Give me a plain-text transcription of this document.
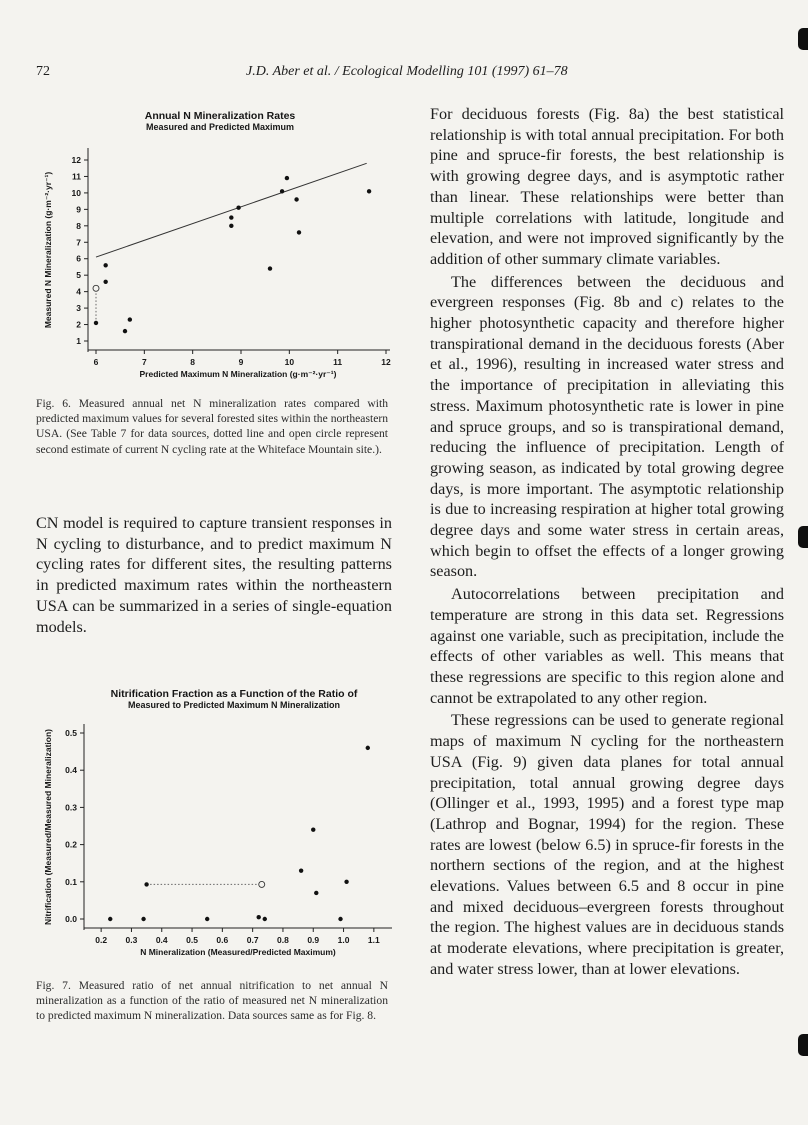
72	J.D. Aber et al. / Ecological Modelling 101 (1997) 61–78
Annual N Mineralization Rates
Measured and Predicted Maximum
1
2
3
4
5
6
7
8
9
10
11
12
6	7	8	9	10	11	12
Predicted Maximum N Mineralization (g·m⁻²·yr⁻¹)
Measured N Mineralization (g·m⁻²·yr⁻¹)
Fig. 6. Measured annual net N mineralization rates compared with predicted maximum values for several forested sites within the northeastern USA. (See Table 7 for data sources, dotted line and open circle represent second estimate of current N cycling rate at the Whiteface Mountain site.).
CN model is required to capture transient responses in N cycling to disturbance, and to predict maximum N cycling rates for different sites, the resulting patterns in predicted maximum rates within the northeastern USA can be summarized in a series of single-equation models.
Nitrification Fraction as a Function of the Ratio of
Measured to Predicted Maximum N Mineralization
0.0
0.1
0.2
0.3
0.4
0.5
0.2 0.3 0.4 0.5 0.6 0.7 0.8 0.9 1.0 1.1
N Mineralization (Measured/Predicted Maximum)
Nitrification (Measured/Measured Mineralization)
Fig. 7. Measured ratio of net annual nitrification to net annual N mineralization as a function of the ratio of measured net N mineralization to predicted maximum N mineralization. Data sources same as for Fig. 8.

For deciduous forests (Fig. 8a) the best statistical relationship is with total annual precipitation. For both pine and spruce-fir forests, the best relationship is with growing degree days, and is asymptotic rather than linear. These relationships were better than multiple correlations with latitude, longitude and elevation, and were not improved significantly by the addition of other summary climate variables.

The differences between the deciduous and evergreen responses (Fig. 8b and c) relates to the higher photosynthetic capacity and therefore higher transpirational demand in the deciduous forests (Aber et al., 1996), resulting in increased water stress and the importance of precipitation in alleviating this stress. Maximum photosynthetic rate is lower in pine and spruce groups, and so is transpirational demand, reducing the influence of precipitation. Length of growing season, as indicated by total growing degree days, is more important. The asymptotic relationship is due to increasing respiration at higher total growing degree days and some water stress in certain areas, which begin to offset the effects of a longer growing season.

Autocorrelations between precipitation and temperature are strong in this data set. Regressions against one variable, such as precipitation, include the effects of other variables as well. This means that these regressions are specific to this region alone and cannot be extrapolated to any other region.

These regressions can be used to generate regional maps of maximum N cycling for the northeastern USA (Fig. 9) given data planes for total annual precipitation, total annual growing degree days (Ollinger et al., 1993, 1995) and a forest type map (Lathrop and Bognar, 1994) for the region. These rates are lowest (below 6.5) in spruce-fir forests in the northern sections of the region, and at the highest elevations. Values between 6.5 and 8 occur in pine and mixed deciduous–evergreen forests throughout the region. The highest values are in deciduous stands at moderate elevations, where precipitation is greater, and water stress lower, than at lower elevations.
